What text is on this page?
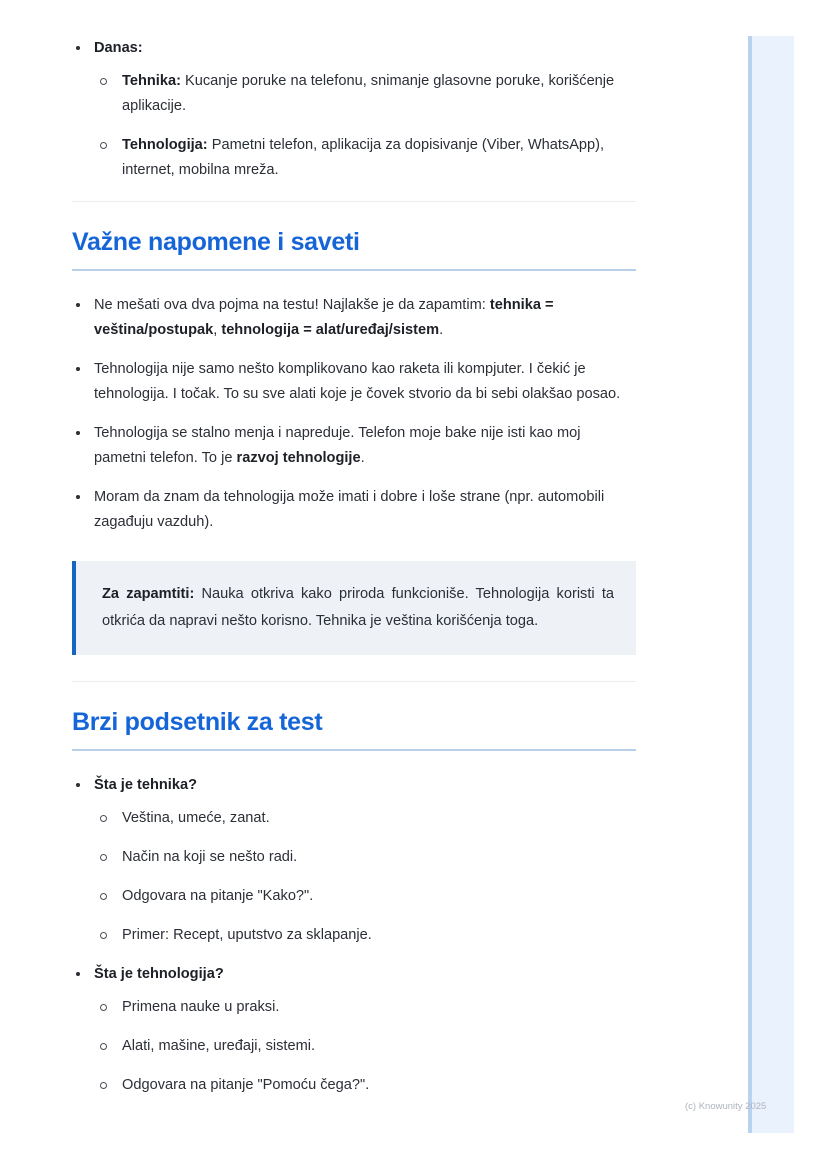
Danas:
Tehnika: Kucanje poruke na telefonu, snimanje glasovne poruke, korišćenje aplikacije.
Tehnologija: Pametni telefon, aplikacija za dopisivanje (Viber, WhatsApp), internet, mobilna mreža.
Važne napomene i saveti
Ne mešati ova dva pojma na testu! Najlakše je da zapamtim: tehnika = veština/postupak, tehnologija = alat/uređaj/sistem.
Tehnologija nije samo nešto komplikovano kao raketa ili kompjuter. I čekić je tehnologija. I točak. To su sve alati koje je čovek stvorio da bi sebi olakšao posao.
Tehnologija se stalno menja i napreduje. Telefon moje bake nije isti kao moj pametni telefon. To je razvoj tehnologije.
Moram da znam da tehnologija može imati i dobre i loše strane (npr. automobili zagađuju vazduh).
Za zapamtiti: Nauka otkriva kako priroda funkcioniše. Tehnologija koristi ta otkrića da napravi nešto korisno. Tehnika je veština korišćenja toga.
Brzi podsetnik za test
Šta je tehnika?
Veština, umeće, zanat.
Način na koji se nešto radi.
Odgovara na pitanje "Kako?".
Primer: Recept, uputstvo za sklapanje.
Šta je tehnologija?
Primena nauke u praksi.
Alati, mašine, uređaji, sistemi.
Odgovara na pitanje "Pomoću čega?".
(c) Knowunity 2025
